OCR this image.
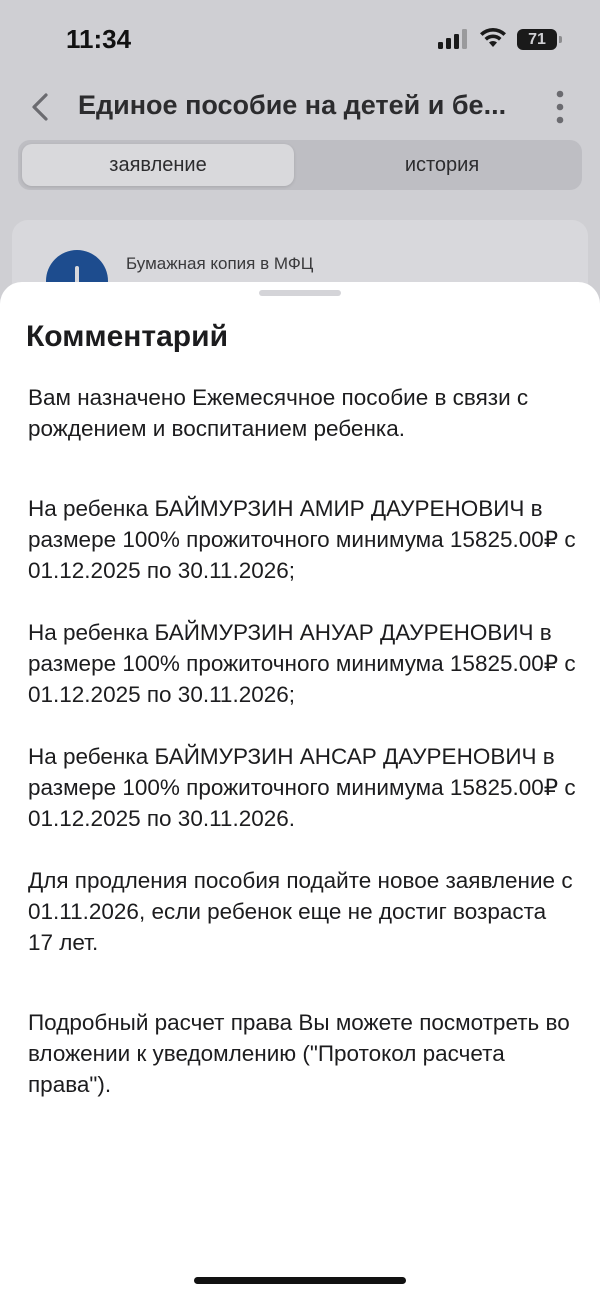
11:34	71
Единое пособие на детей и бе...
заявление	история
Бумажная копия в МФЦ
Комментарий

Вам назначено Ежемесячное пособие в связи с рождением и воспитанием ребенка.

На ребенка БАЙМУРЗИН АМИР ДАУРЕНОВИЧ в размере 100% прожиточного минимума 15825.00₽ с 01.12.2025 по 30.11.2026;

На ребенка БАЙМУРЗИН АНУАР ДАУРЕНОВИЧ в размере 100% прожиточного минимума 15825.00₽ с 01.12.2025 по 30.11.2026;

На ребенка БАЙМУРЗИН АНСАР ДАУРЕНОВИЧ в размере 100% прожиточного минимума 15825.00₽ с 01.12.2025 по 30.11.2026.

Для продления пособия подайте новое заявление с 01.11.2026, если ребенок еще не достиг возраста 17 лет.

Подробный расчет права Вы можете посмотреть во вложении к уведомлению ("Протокол расчета права").
